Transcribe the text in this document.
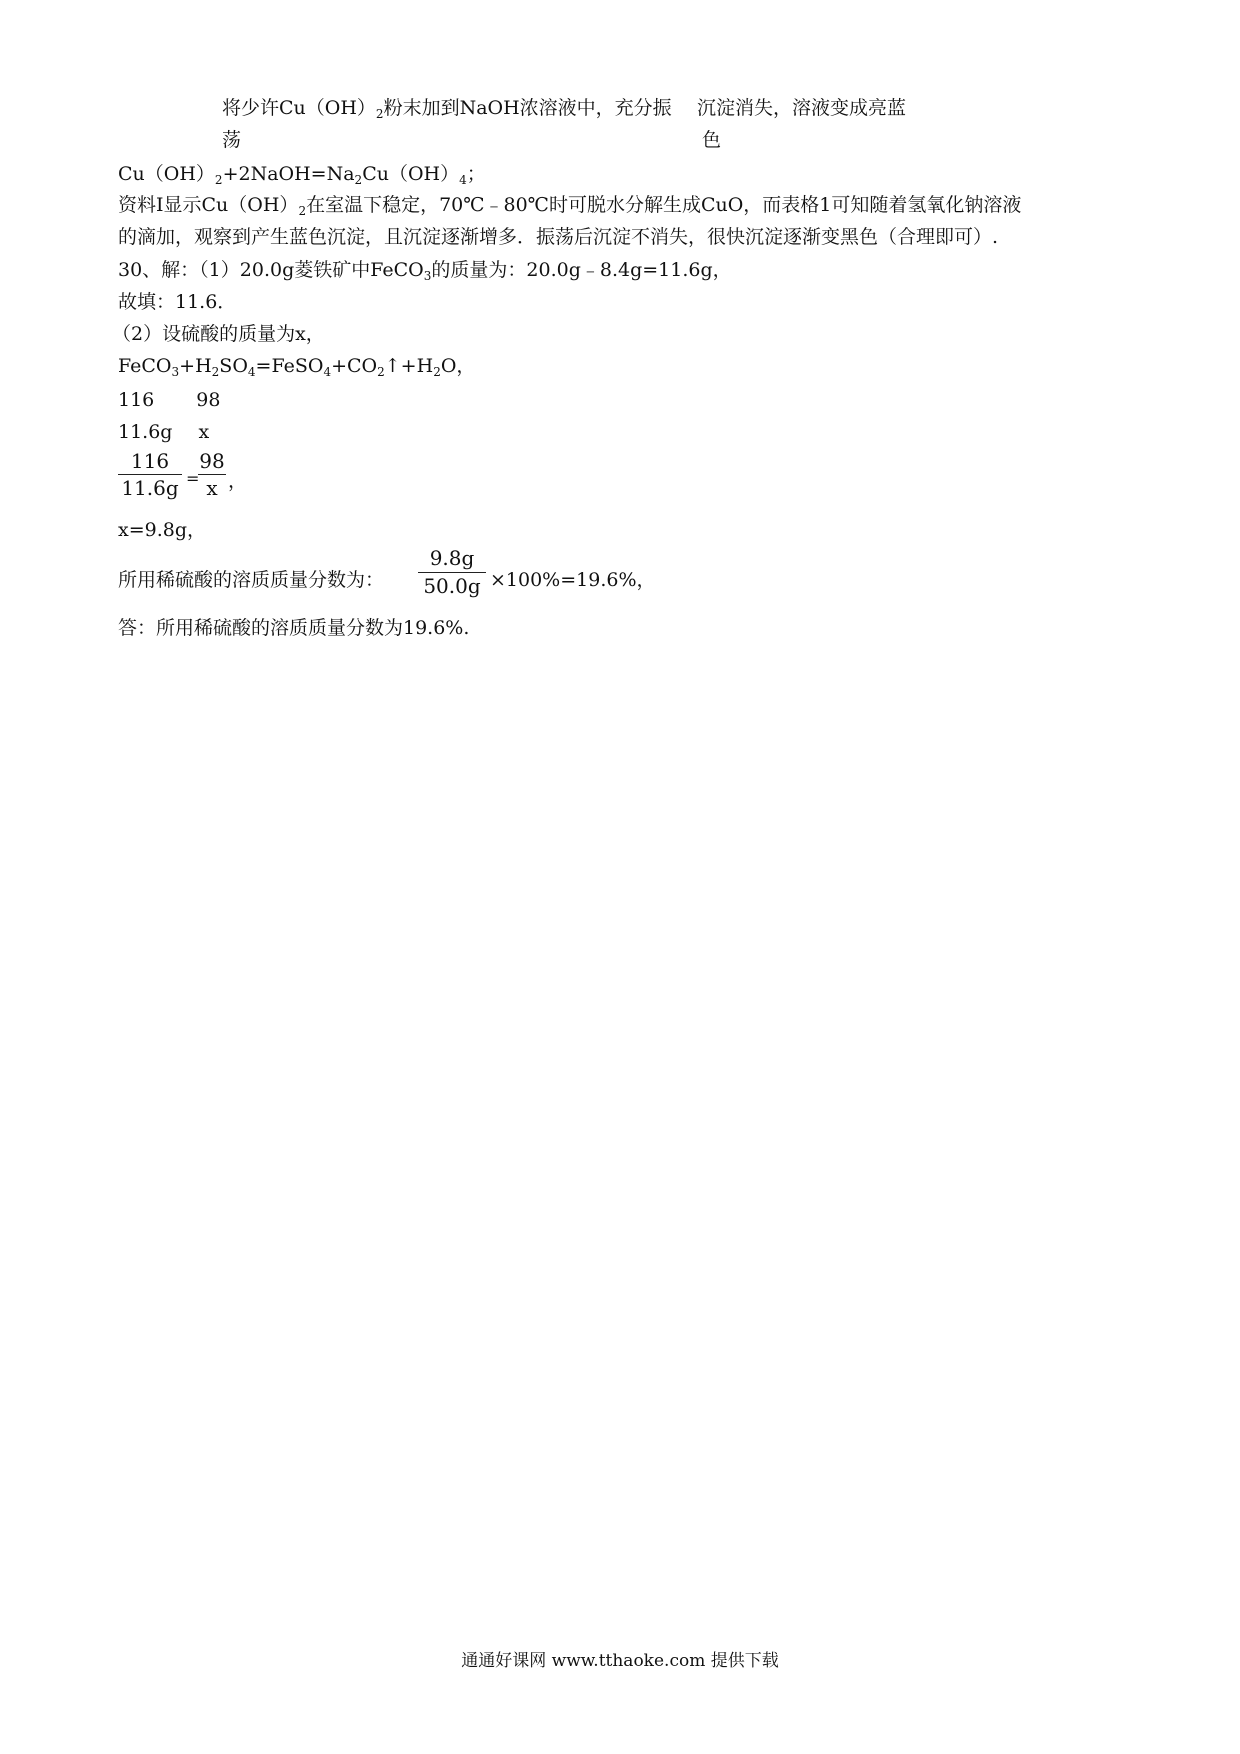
将少许$Cu(OH)_2$粉末加到NaOH浓溶液中，充分振 沉淀消失，溶液变成亮蓝
荡	色
$Cu(OH)_2+2NaOH=Na_2Cu(OH)_4$；
资料Ⅰ显示$Cu(OH)_2$在室温下稳定，70℃﹣80℃时可脱水分解生成CuO，而表格1可知随着氢氧化钠溶液
的滴加，观察到产生蓝色沉淀，且沉淀逐渐增多．振荡后沉淀不消失，很快沉淀逐渐变黑色（合理即可）.
30、解：（1）20.0g菱铁矿中FeCO$_3$的质量为：20.0g﹣8.4g=11.6g，
故填：11.6．
（2）设硫酸的质量为x，
$FeCO_3+H_2SO_4=FeSO_4+CO_2↑+H_2O$，
116 98
11.6g x
116
11.6g =
98
x ，
x=9.8g，
所用稀硫酸的溶质质量分数为：
9.8g
50.0g ×100%=19.6%，
答：所用稀硫酸的溶质质量分数为19.6%.
通通好课网 www.tthaoke.com 提供下载
